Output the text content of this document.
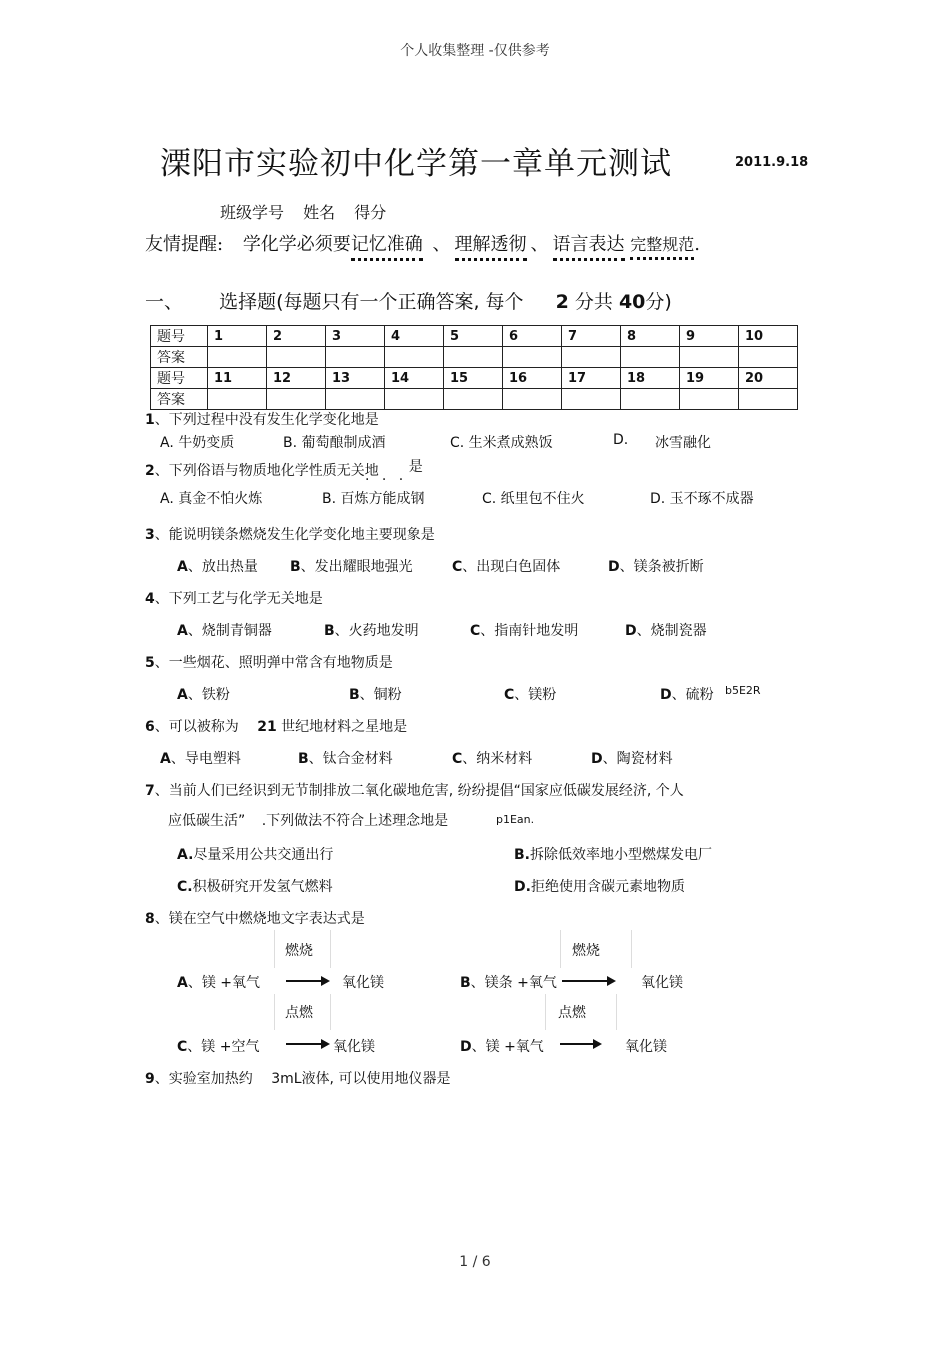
个人收集整理 -仅供参考
溧阳市实验初中化学第一章单元测试	2011.9.18
班级学号 姓名 得分
友情提醒: 学化学必须要记忆准确 、 理解透彻 、 语言表达 完整规范.
一、 选择题(每题只有一个正确答案, 每个 2 分共 40分)
题号	1	2	3	4	5	6	7	8	9	10
答案										
题号	11	12	13	14	15	16	17	18	19	20
答案										
1、下列过程中没有发生化学变化地是
A. 牛奶变质	B. 葡萄酿制成酒	C. 生米煮成熟饭	D. 冰雪融化
2、下列俗语与物质地化学性质无关地 是
. . .
A. 真金不怕火炼	B. 百炼方能成钢	C. 纸里包不住火	D. 玉不琢不成器
3、能说明镁条燃烧发生化学变化地主要现象是
A、放出热量 B、发出耀眼地强光	C、出现白色固体	D、镁条被折断
4、下列工艺与化学无关地是
A、烧制青铜器	B、火药地发明	C、指南针地发明	D、烧制瓷器
5、一些烟花、照明弹中常含有地物质是
A、铁粉	B、铜粉	C、镁粉	D、硫粉 b5E2R
6、可以被称为 21 世纪地材料之星地是
A、导电塑料	B、钛合金材料	C、纳米材料	D、陶瓷材料
7、当前人们已经识到无节制排放二氧化碳地危害, 纷纷提倡“国家应低碳发展经济, 个人
应低碳生活” .下列做法不符合上述理念地是	p1Ean.
A.尽量采用公共交通出行	B.拆除低效率地小型燃煤发电厂
C.积极研究开发氢气燃料	D.拒绝使用含碳元素地物质
8、镁在空气中燃烧地文字表达式是
燃烧
A、镁 +氧气 → 氧化镁
燃烧
B、镁条 +氧气 → 氧化镁
点燃
C、镁 +空气 → 氧化镁
点燃
D、镁 +氧气 → 氧化镁
9、实验室加热约 3mL液体, 可以使用地仪器是
1 / 6
